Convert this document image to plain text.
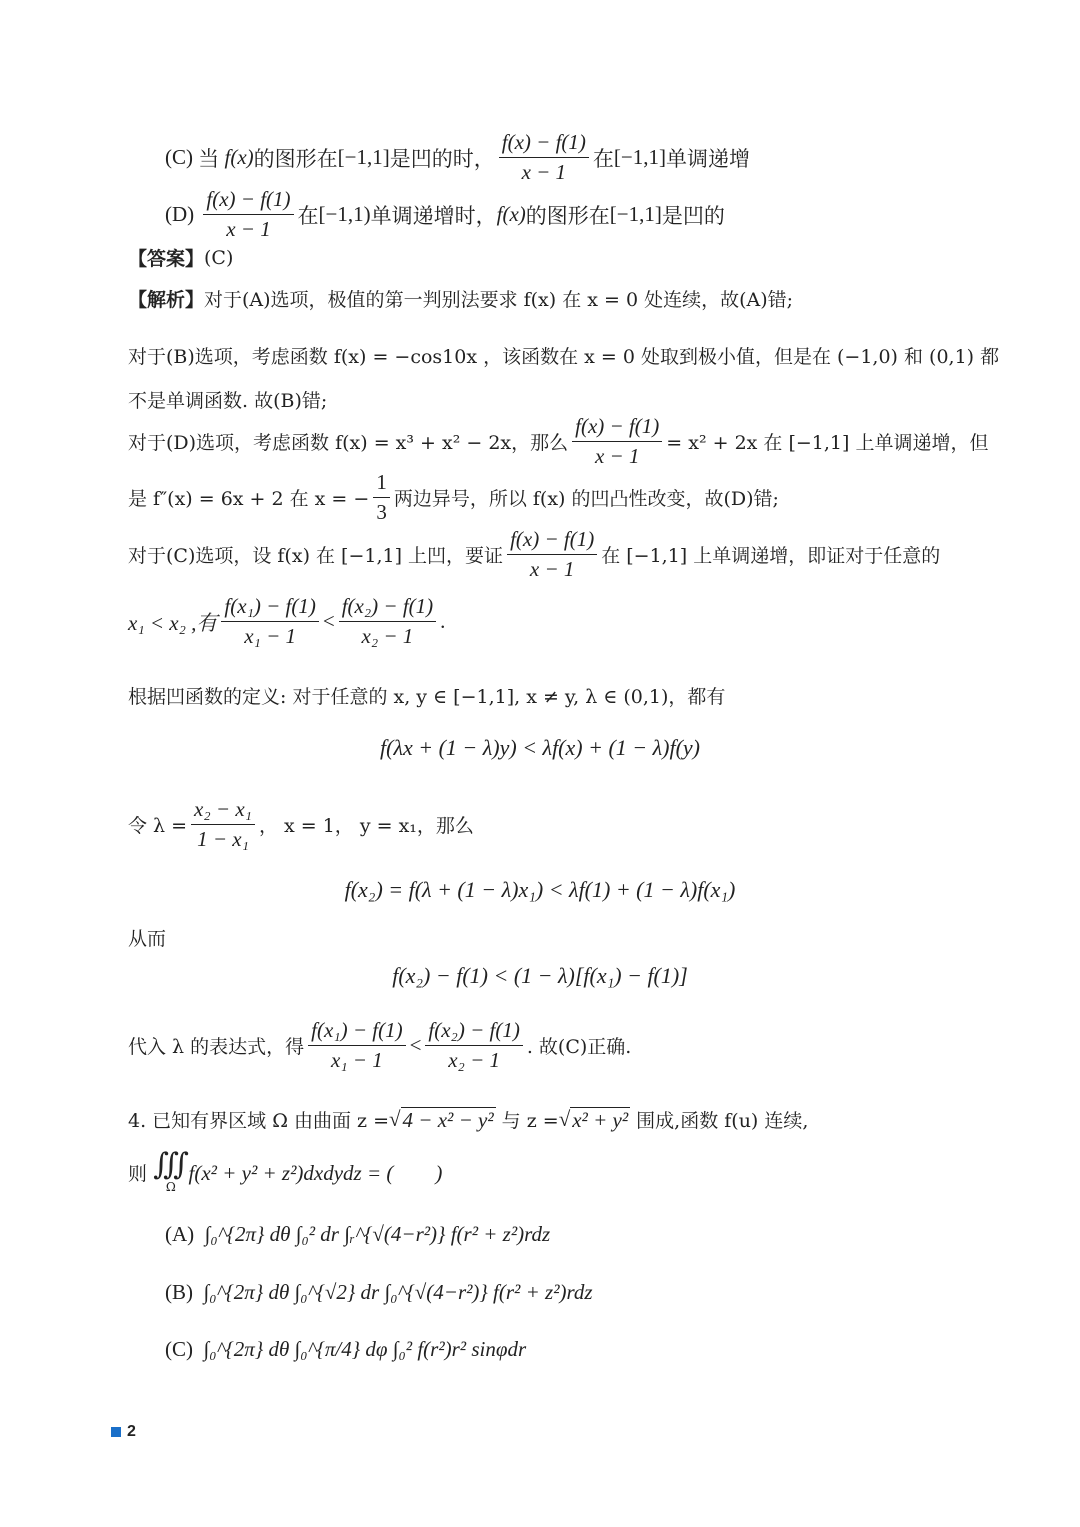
(C)
当
f(x) 的图形在 [−1,1] 是凹的时， $\frac{f(x) - f(1)}{x - 1}$ 在 [−1,1] 单调递增
(D)
$\frac{f(x) - f(1)}{x - 1}$ 在 [−1,1) 单调递增时， f(x) 的图形在 [−1,1] 是凹的
【答案】 (C)
【解析】 对于(A)选项，极值的第一判别法要求 f(x) 在 x = 0 处连续，故(A)错;
对于(B)选项，考虑函数 f(x) = −cos10x ，该函数在 x = 0 处取到极小值，但是在 (−1,0) 和 (0,1) 都
不是单调函数. 故(B)错;
对于(D)选项，考虑函数 f(x) = x³ + x² − 2x，那么 $\frac{f(x) - f(1)}{x - 1} = x^2 + 2x$ 在 [−1,1] 上单调递增，但
是 f″(x) = 6x + 2 在 x = − $\frac{1}{3}$ 两边异号，所以 f(x) 的凹凸性改变，故(D)错;
对于(C)选项，设 f(x) 在 [−1,1] 上凹，要证 $\frac{f(x) - f(1)}{x - 1}$ 在 [−1,1] 上单调递增，即证对于任意的
x₁ < x₂ ,有 $\frac{\text{f(x₁) − f(1)}}{\text{x₁ − 1}} < \frac{\text{f(x₂) − f(1)}}{\text{x₂ − 1}}$ .
根据凹函数的定义: 对于任意的 x, y ∈ [−1,1], x ≠ y, λ ∈ (0,1)，都有
f(λx + (1 − λ)y) < λf(x) + (1 − λ)f(y)
令 $\lambda = \frac{\text{x₂ − x₁}}{\text{1 − x₁}}$ ， x = 1， y = x₁，那么
f(x₂) = f(λ + (1 − λ)x₁) < λf(1) + (1 − λ)f(x₁)
从而
f(x₂) − f(1) < (1 − λ)[f(x₁) − f(1)]
代入 λ 的表达式，得 $\frac{\text{f(x₁) − f(1)}}{\text{x₁ − 1}} < \frac{\text{f(x₂) − f(1)}}{\text{x₂ − 1}}$ . 故(C)正确.
4. 已知有界区域 Ω 由曲面 z = √ 4 − x² − y²
与 z = √ x² + y²
围成,函数 f(u) 连续,
则
∭
Ω
f(x² + y² + z²)dxdydz = (　　)
(A)
∫₀^{2π} dθ ∫₀² dr ∫ᵣ^{√(4−r²)} f(r² + z²)rdz
(B)
∫₀^{2π} dθ ∫₀^{√2} dr ∫₀^{√(4−r²)} f(r² + z²)rdz
(C)
∫₀^{2π} dθ ∫₀^{π/4} dφ ∫₀² f(r²)r² sinφdr
2
